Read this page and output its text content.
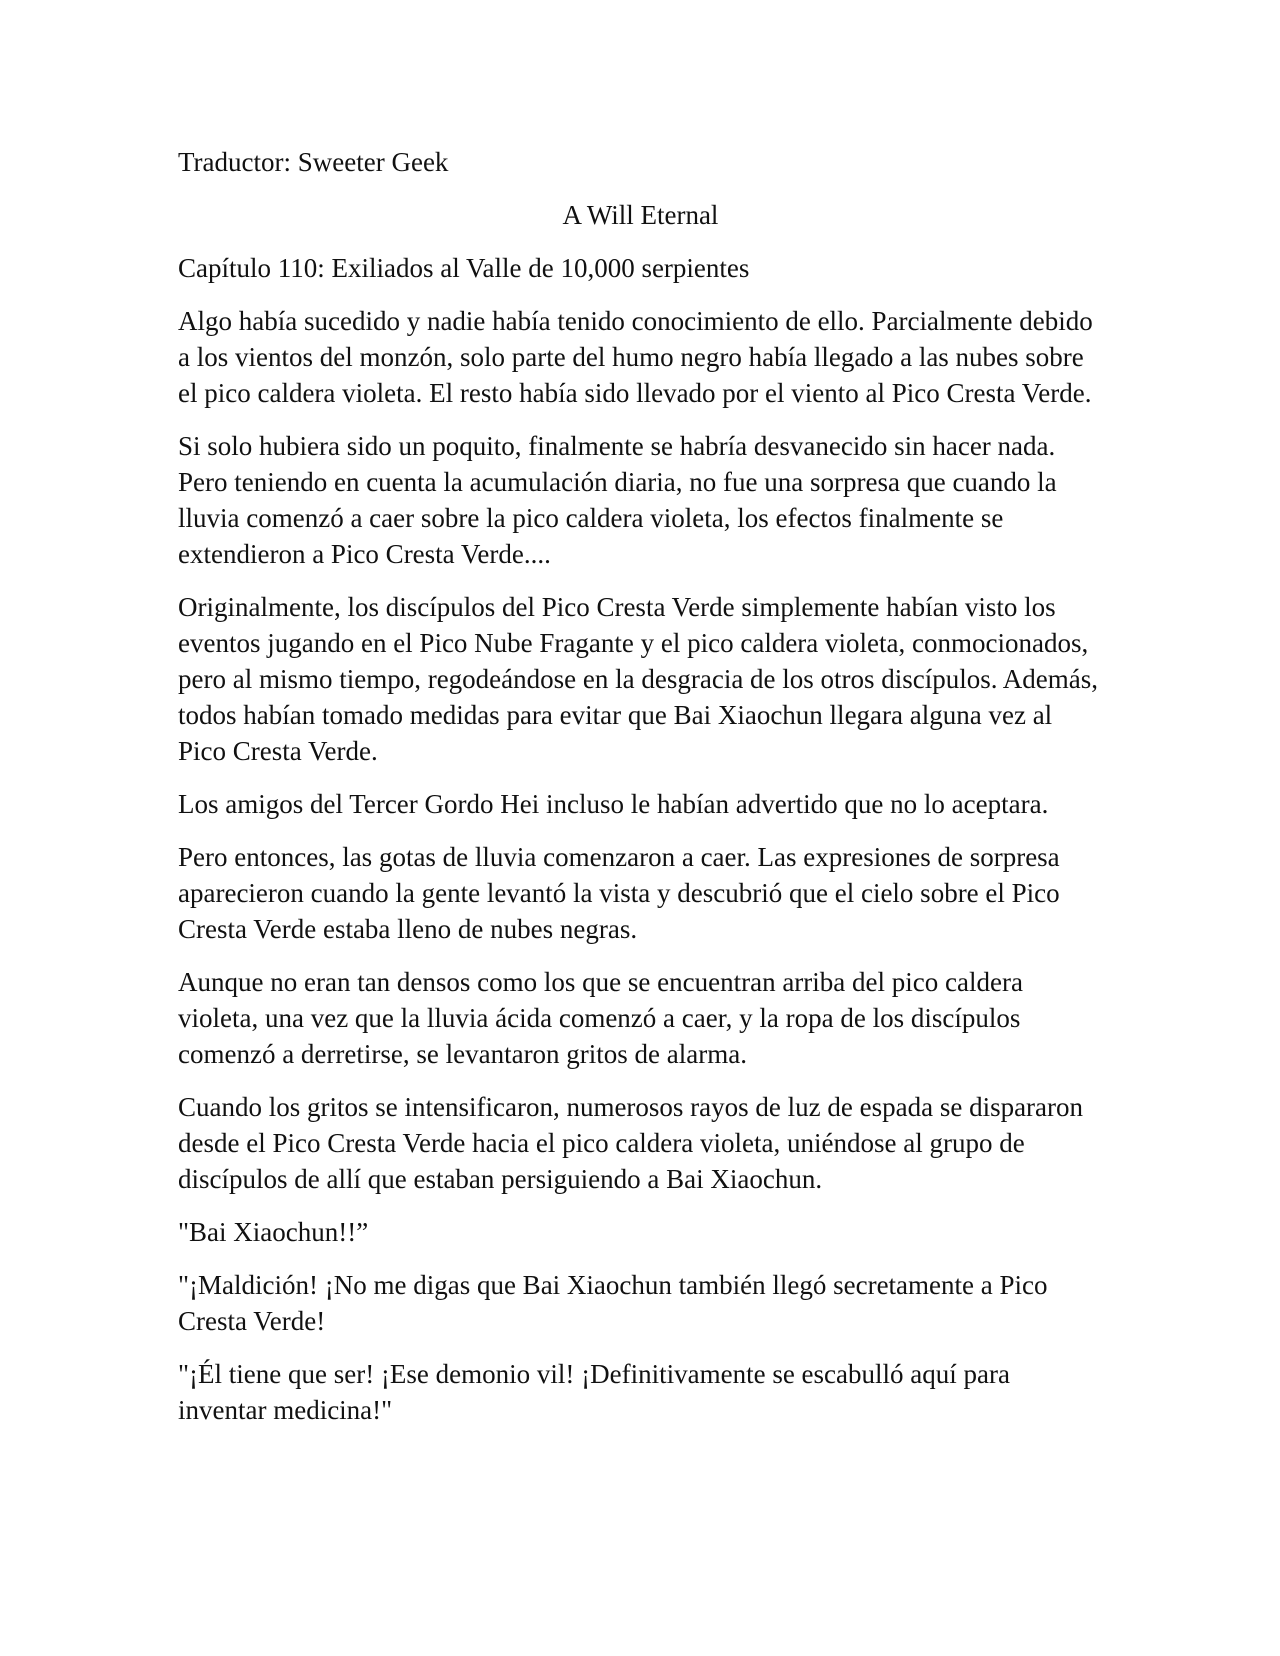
Traductor: Sweeter Geek

A Will Eternal

Capítulo 110: Exiliados al Valle de 10,000 serpientes

Algo había sucedido y nadie había tenido conocimiento de ello. Parcialmente debido a los vientos del monzón, solo parte del humo negro había llegado a las nubes sobre el pico caldera violeta. El resto había sido llevado por el viento al Pico Cresta Verde.

Si solo hubiera sido un poquito, finalmente se habría desvanecido sin hacer nada. Pero teniendo en cuenta la acumulación diaria, no fue una sorpresa que cuando la lluvia comenzó a caer sobre la pico caldera violeta, los efectos finalmente se extendieron a Pico Cresta Verde....

Originalmente, los discípulos del Pico Cresta Verde simplemente habían visto los eventos jugando en el Pico Nube Fragante y el pico caldera violeta, conmocionados, pero al mismo tiempo, regodeándose en la desgracia de los otros discípulos. Además, todos habían tomado medidas para evitar que Bai Xiaochun llegara alguna vez al Pico Cresta Verde.

Los amigos del Tercer Gordo Hei incluso le habían advertido que no lo aceptara.

Pero entonces, las gotas de lluvia comenzaron a caer. Las expresiones de sorpresa aparecieron cuando la gente levantó la vista y descubrió que el cielo sobre el Pico Cresta Verde estaba lleno de nubes negras.

Aunque no eran tan densos como los que se encuentran arriba del pico caldera violeta, una vez que la lluvia ácida comenzó a caer, y la ropa de los discípulos comenzó a derretirse, se levantaron gritos de alarma.

Cuando los gritos se intensificaron, numerosos rayos de luz de espada se dispararon desde el Pico Cresta Verde hacia el pico caldera violeta, uniéndose al grupo de discípulos de allí que estaban persiguiendo a Bai Xiaochun.

"Bai Xiaochun!!”

"¡Maldición! ¡No me digas que Bai Xiaochun también llegó secretamente a Pico Cresta Verde!

"¡Él tiene que ser! ¡Ese demonio vil! ¡Definitivamente se escabulló aquí para inventar medicina!"
